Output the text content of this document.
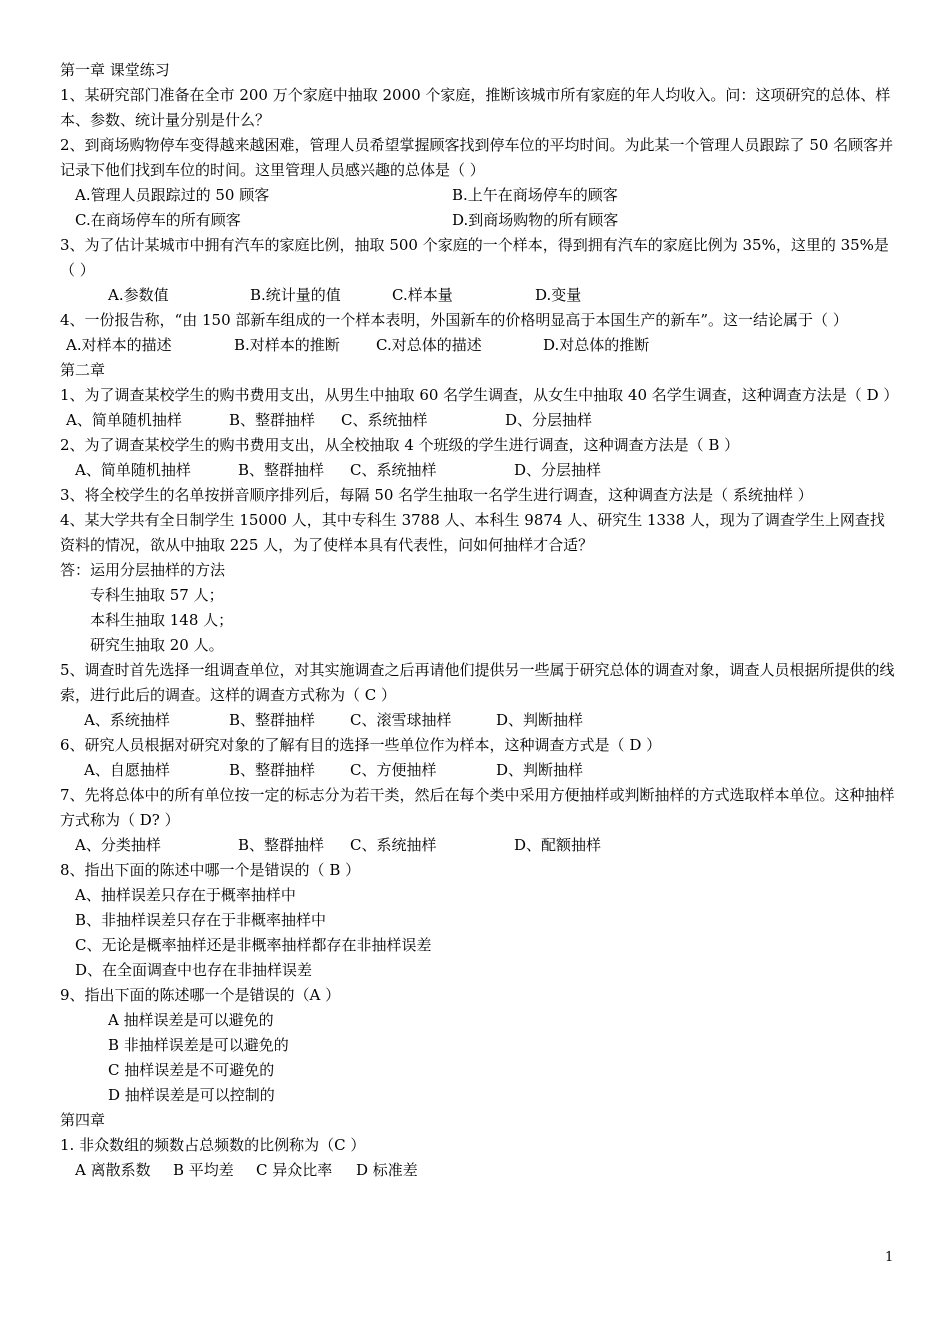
第一章 课堂练习
1、某研究部门准备在全市 200 万个家庭中抽取 2000 个家庭，推断该城市所有家庭的年人均收入。问：这项研究的总体、样本、参数、统计量分别是什么？
2、到商场购物停车变得越来越困难，管理人员希望掌握顾客找到停车位的平均时间。为此某一个管理人员跟踪了 50 名顾客并记录下他们找到车位的时间。这里管理人员感兴趣的总体是（ ）
A.管理人员跟踪过的 50 顾客	B.上午在商场停车的顾客
C.在商场停车的所有顾客	D.到商场购物的所有顾客
3、为了估计某城市中拥有汽车的家庭比例，抽取 500 个家庭的一个样本，得到拥有汽车的家庭比例为 35%，这里的 35%是（ ）
A.参数值	B.统计量的值	C.样本量	D.变量
4、一份报告称，“由 150 部新车组成的一个样本表明，外国新车的价格明显高于本国生产的新车”。这一结论属于（ ）
A.对样本的描述	B.对样本的推断	C.对总体的描述	D.对总体的推断
第二章
1、为了调查某校学生的购书费用支出，从男生中抽取 60 名学生调查，从女生中抽取 40 名学生调查，这种调查方法是（ D ）
A、简单随机抽样	B、整群抽样	C、系统抽样	D、分层抽样
2、为了调查某校学生的购书费用支出，从全校抽取 4 个班级的学生进行调查，这种调查方法是（ B ）
A、简单随机抽样	B、整群抽样	C、系统抽样	D、分层抽样
3、将全校学生的名单按拼音顺序排列后，每隔 50 名学生抽取一名学生进行调查，这种调查方法是（ 系统抽样 ）
4、某大学共有全日制学生 15000 人，其中专科生 3788 人、本科生 9874 人、研究生 1338 人，现为了调查学生上网查找资料的情况，欲从中抽取 225 人，为了使样本具有代表性，问如何抽样才合适？
答：运用分层抽样的方法
专科生抽取 57 人；
本科生抽取 148 人；
研究生抽取 20 人。
5、调查时首先选择一组调查单位，对其实施调查之后再请他们提供另一些属于研究总体的调查对象，调查人员根据所提供的线索，进行此后的调查。这样的调查方式称为（ C ）
A、系统抽样	B、整群抽样	C、滚雪球抽样	D、判断抽样
6、研究人员根据对研究对象的了解有目的选择一些单位作为样本，这种调查方式是（ D ）
A、自愿抽样	B、整群抽样	C、方便抽样	D、判断抽样
7、先将总体中的所有单位按一定的标志分为若干类，然后在每个类中采用方便抽样或判断抽样的方式选取样本单位。这种抽样方式称为（ D? ）
A、分类抽样	B、整群抽样	C、系统抽样	D、配额抽样
8、指出下面的陈述中哪一个是错误的（ B ）
A、抽样误差只存在于概率抽样中
B、非抽样误差只存在于非概率抽样中
C、无论是概率抽样还是非概率抽样都存在非抽样误差
D、在全面调查中也存在非抽样误差
9、指出下面的陈述哪一个是错误的（A ）
A 抽样误差是可以避免的
B 非抽样误差是可以避免的
C 抽样误差是不可避免的
D 抽样误差是可以控制的
第四章
1. 非众数组的频数占总频数的比例称为（C ）
A 离散系数	B 平均差	C 异众比率	D 标准差
1
